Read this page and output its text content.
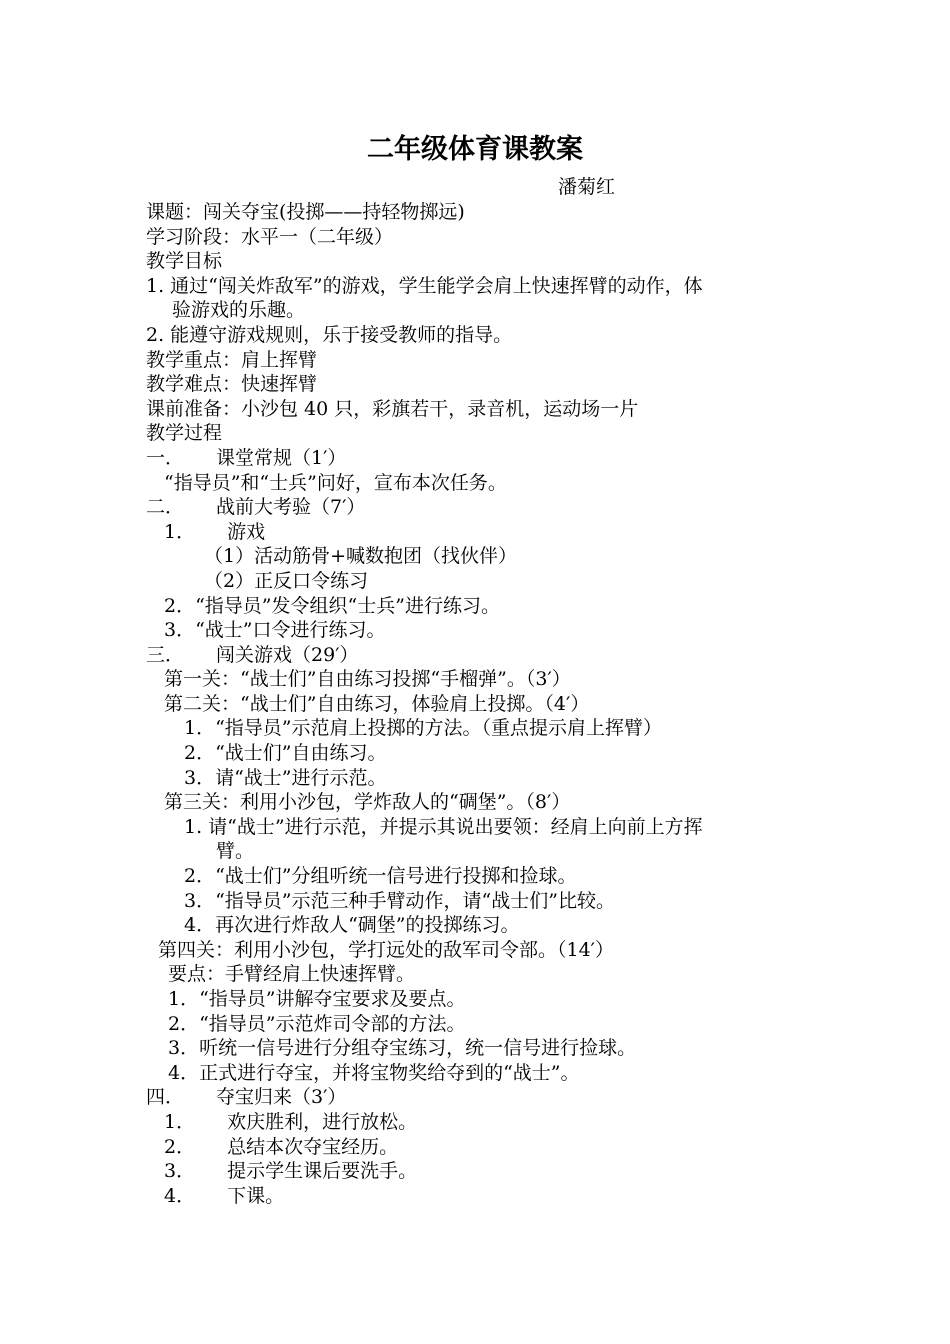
二年级体育课教案
潘菊红
课题：闯关夺宝(投掷——持轻物掷远)
学习阶段：水平一（二年级）
教学目标
1. 通过“闯关炸敌军”的游戏，学生能学会肩上快速挥臂的动作，体
验游戏的乐趣。
2. 能遵守游戏规则，乐于接受教师的指导。
教学重点：肩上挥臂
教学难点：快速挥臂
课前准备：小沙包 40 只，彩旗若干，录音机，运动场一片
教学过程
一． 课堂常规（1′）
“指导员”和“士兵”问好，宣布本次任务。
二． 战前大考验（7′）
1． 游戏
（1）活动筋骨+喊数抱团（找伙伴）
（2）正反口令练习
2．“指导员”发令组织“士兵”进行练习。
3．“战士”口令进行练习。
三． 闯关游戏（29′）
第一关：“战士们”自由练习投掷“手榴弹”。（3′）
第二关：“战士们”自由练习，体验肩上投掷。（4′）
1．“指导员”示范肩上投掷的方法。（重点提示肩上挥臂）
2．“战士们”自由练习。
3．请“战士”进行示范。
第三关：利用小沙包，学炸敌人的“碉堡”。（8′）
1. 请“战士”进行示范，并提示其说出要领：经肩上向前上方挥
臂。
2．“战士们”分组听统一信号进行投掷和捡球。
3．“指导员”示范三种手臂动作，请“战士们”比较。
4．再次进行炸敌人“碉堡”的投掷练习。
第四关：利用小沙包，学打远处的敌军司令部。（14′）
要点：手臂经肩上快速挥臂。
1．“指导员”讲解夺宝要求及要点。
2．“指导员”示范炸司令部的方法。
3．听统一信号进行分组夺宝练习，统一信号进行捡球。
4．正式进行夺宝，并将宝物奖给夺到的“战士”。
四． 夺宝归来（3′）
1． 欢庆胜利，进行放松。
2． 总结本次夺宝经历。
3． 提示学生课后要洗手。
4． 下课。
